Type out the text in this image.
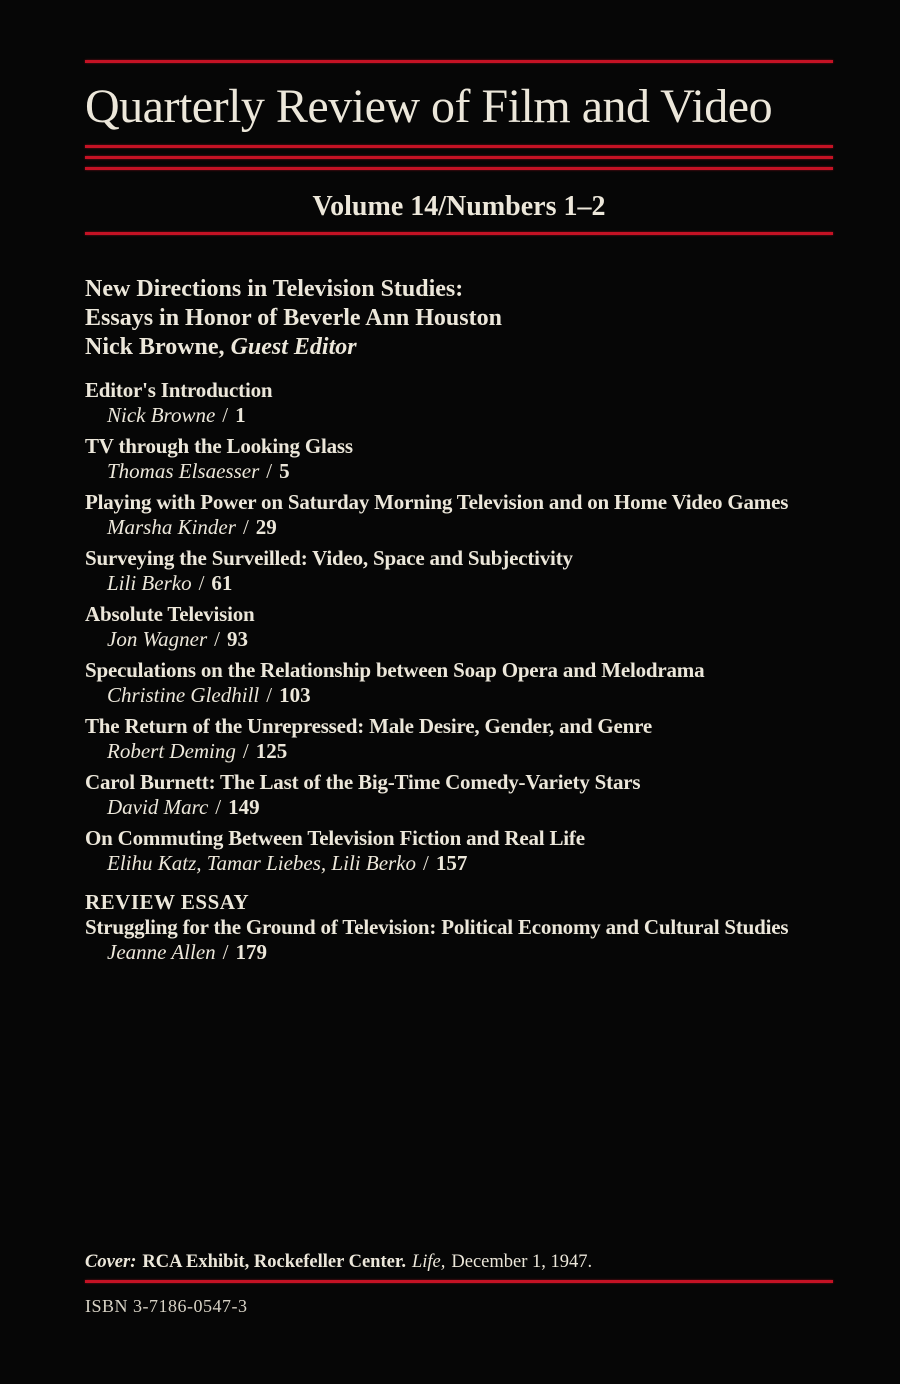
Quarterly Review of Film and Video
Volume 14/Numbers 1–2
New Directions in Television Studies:
Essays in Honor of Beverle Ann Houston
Nick Browne, Guest Editor
Editor's Introduction
Nick Browne / 1
TV through the Looking Glass
Thomas Elsaesser / 5
Playing with Power on Saturday Morning Television and on Home Video Games
Marsha Kinder / 29
Surveying the Surveilled: Video, Space and Subjectivity
Lili Berko / 61
Absolute Television
Jon Wagner / 93
Speculations on the Relationship between Soap Opera and Melodrama
Christine Gledhill / 103
The Return of the Unrepressed: Male Desire, Gender, and Genre
Robert Deming / 125
Carol Burnett: The Last of the Big-Time Comedy-Variety Stars
David Marc / 149
On Commuting Between Television Fiction and Real Life
Elihu Katz, Tamar Liebes, Lili Berko / 157
REVIEW ESSAY
Struggling for the Ground of Television: Political Economy and Cultural Studies
Jeanne Allen / 179
Cover: RCA Exhibit, Rockefeller Center. Life, December 1, 1947.
ISBN 3-7186-0547-3
